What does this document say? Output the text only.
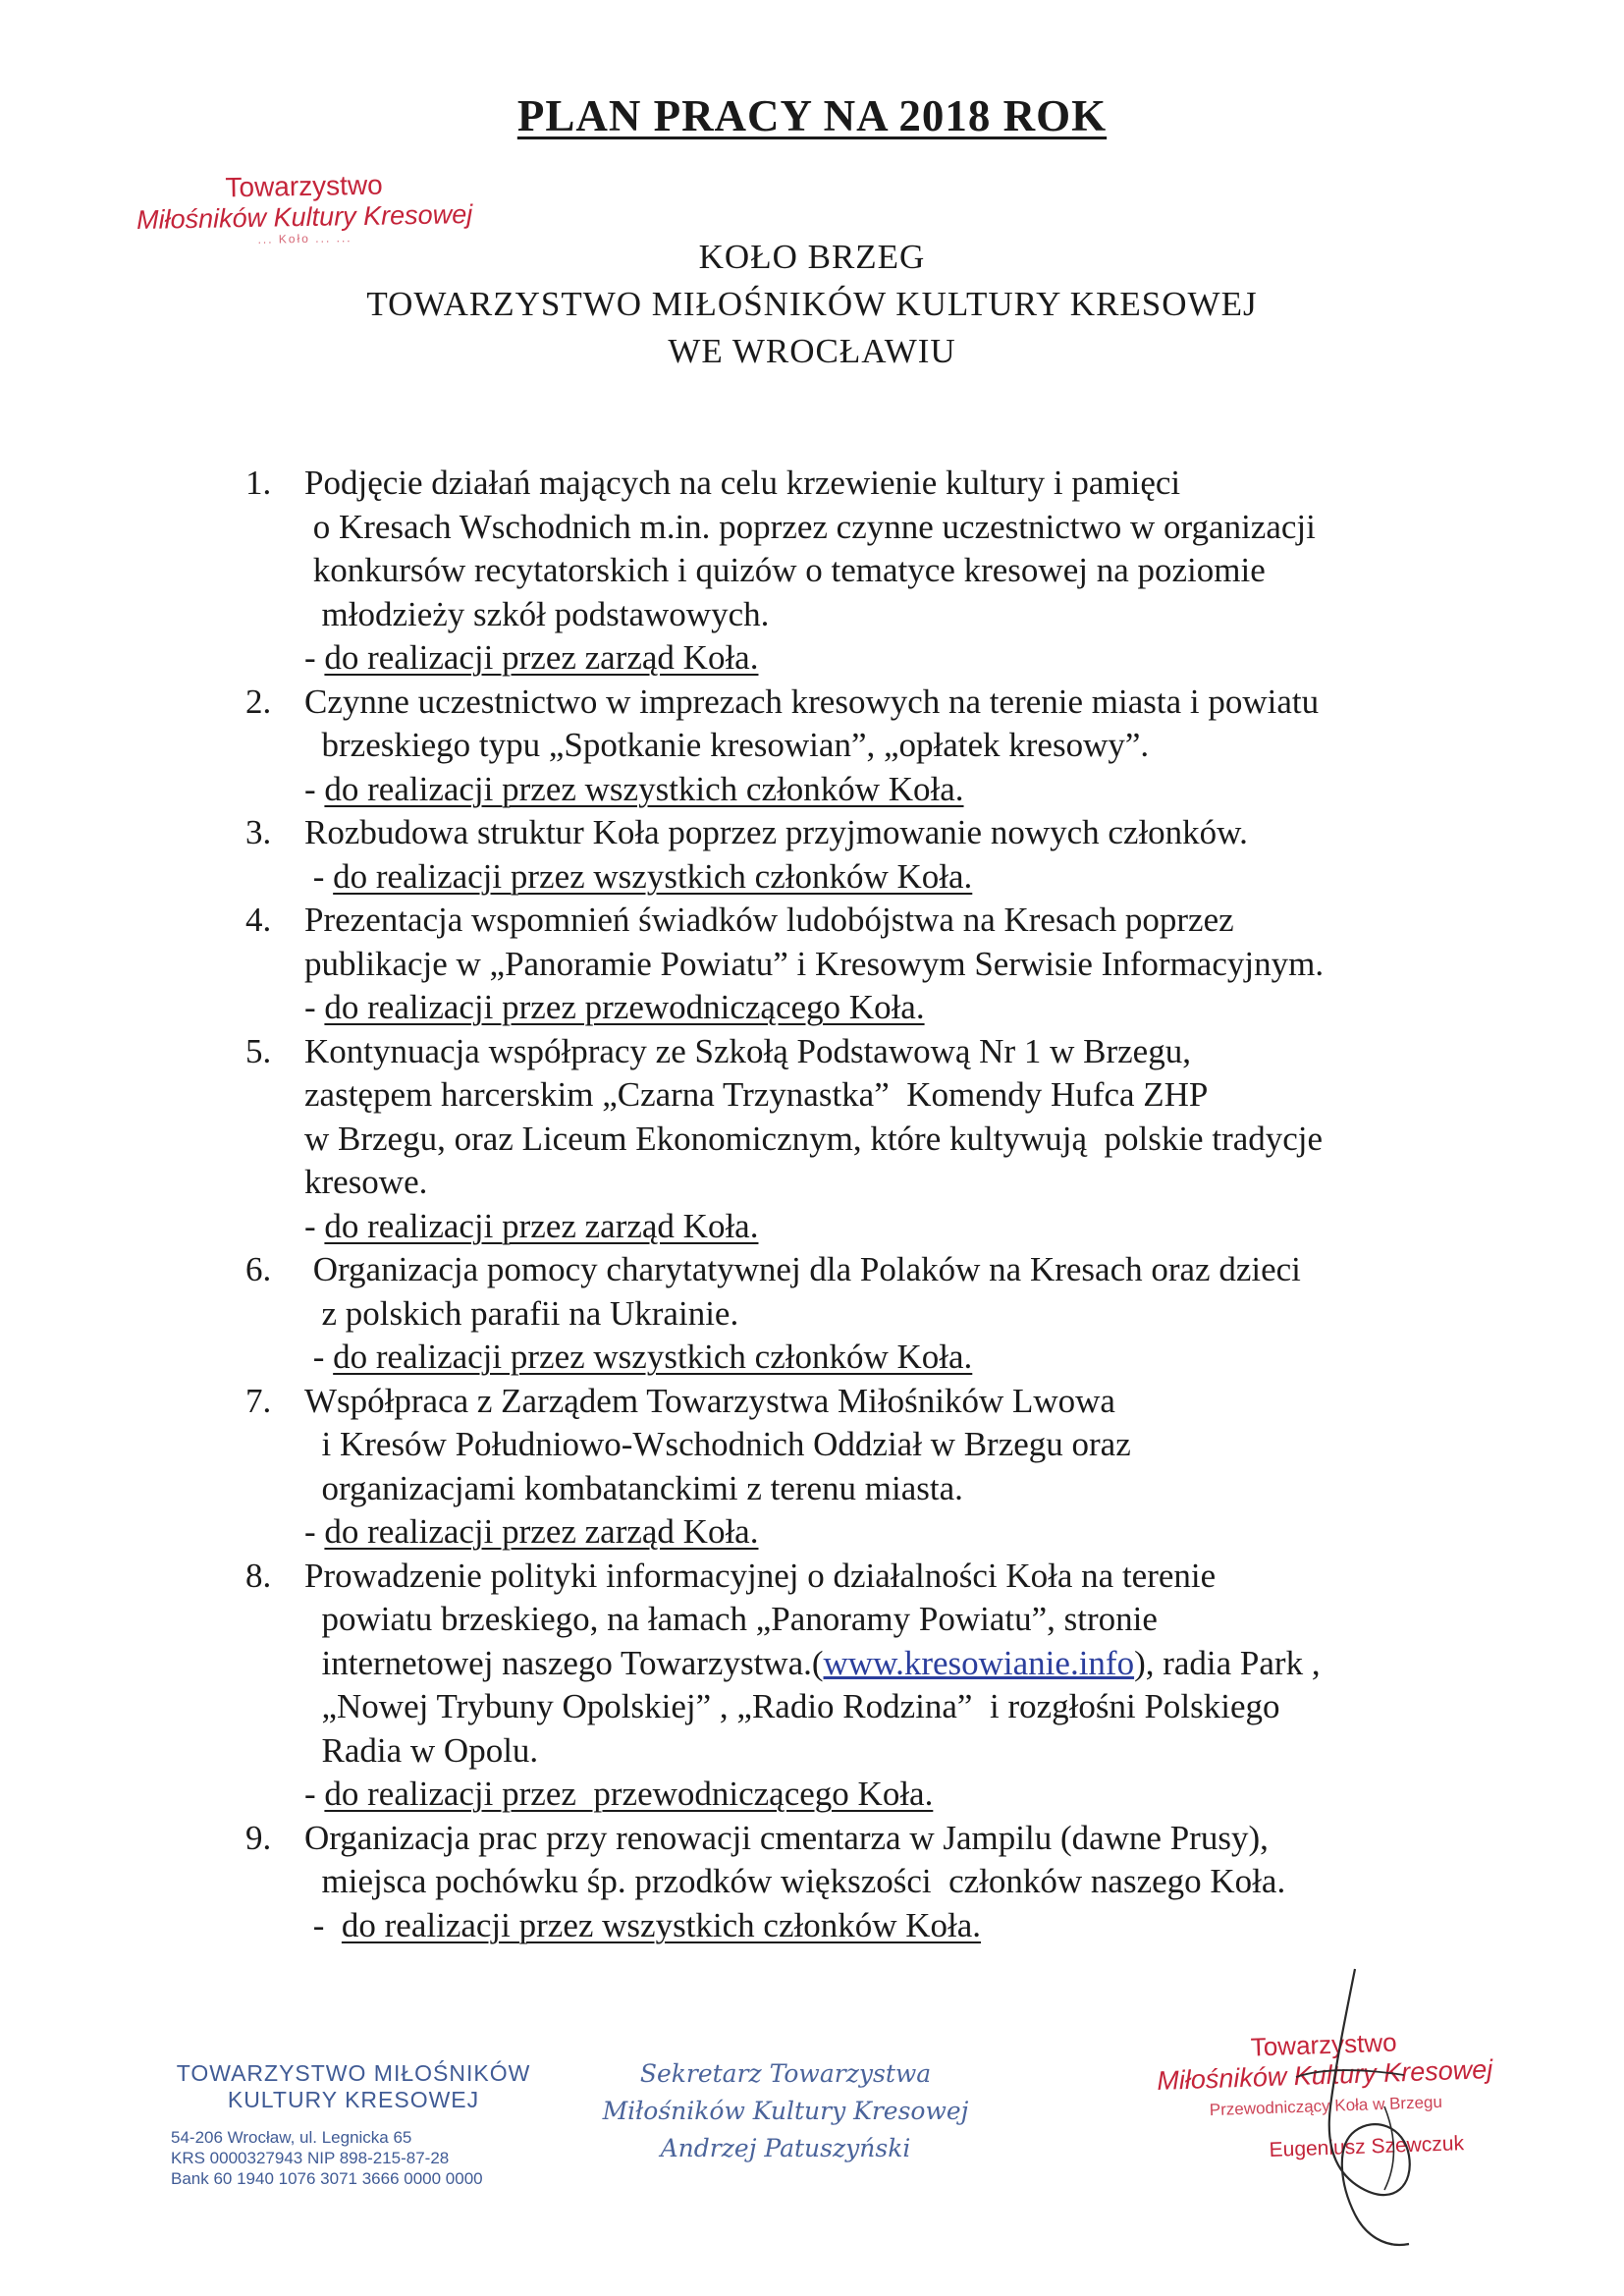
PLAN PRACY NA 2018 ROK
Towarzystwo
Miłośników Kultury Kresowej
... Koło ... ...	KOŁO BRZEG
TOWARZYSTWO MIŁOŚNIKÓW KULTURY KRESOWEJ
WE WROCŁAWIU
1. Podjęcie działań mających na celu krzewienie kultury i pamięci
o Kresach Wschodnich m.in. poprzez czynne uczestnictwo w organizacji
konkursów recytatorskich i quizów o tematyce kresowej na poziomie
młodzieży szkół podstawowych.
- do realizacji przez zarząd Koła.
2. Czynne uczestnictwo w imprezach kresowych na terenie miasta i powiatu
brzeskiego typu „Spotkanie kresowian”, „opłatek kresowy”.
- do realizacji przez wszystkich członków Koła.
3. Rozbudowa struktur Koła poprzez przyjmowanie nowych członków.
- do realizacji przez wszystkich członków Koła.
4. Prezentacja wspomnień świadków ludobójstwa na Kresach poprzez
publikacje w „Panoramie Powiatu” i Kresowym Serwisie Informacyjnym.
- do realizacji przez przewodniczącego Koła.
5. Kontynuacja współpracy ze Szkołą Podstawową Nr 1 w Brzegu,
zastępem harcerskim „Czarna Trzynastka”  Komendy Hufca ZHP
w Brzegu, oraz Liceum Ekonomicznym, które kultywują  polskie tradycje
kresowe.
- do realizacji przez zarząd Koła.
6. Organizacja pomocy charytatywnej dla Polaków na Kresach oraz dzieci
z polskich parafii na Ukrainie.
- do realizacji przez wszystkich członków Koła.
7. Współpraca z Zarządem Towarzystwa Miłośników Lwowa
i Kresów Południowo-Wschodnich Oddział w Brzegu oraz
organizacjami kombatanckimi z terenu miasta.
- do realizacji przez zarząd Koła.
8. Prowadzenie polityki informacyjnej o działalności Koła na terenie
powiatu brzeskiego, na łamach „Panoramy Powiatu”, stronie
internetowej naszego Towarzystwa.(www.kresowianie.info), radia Park ,
„Nowej Trybuny Opolskiej” , „Radio Rodzina”  i rozgłośni Polskiego
Radia w Opolu.
- do realizacji przez  przewodniczącego Koła.
9. Organizacja prac przy renowacji cmentarza w Jampilu (dawne Prusy),
miejsca pochówku śp. przodków większości  członków naszego Koła.
-  do realizacji przez wszystkich członków Koła.
TOWARZYSTWO MIŁOŚNIKÓW
KULTURY KRESOWEJ
54-206 Wrocław, ul. Legnicka 65
KRS 0000327943 NIP 898-215-87-28
Bank 60 1940 1076 3071 3666 0000 0000
Sekretarz Towarzystwa
Miłośników Kultury Kresowej
Andrzej Patuszyński
Towarzystwo
Miłośników Kultury Kresowej
Przewodniczący Koła w Brzegu
Eugeniusz Szewczuk
